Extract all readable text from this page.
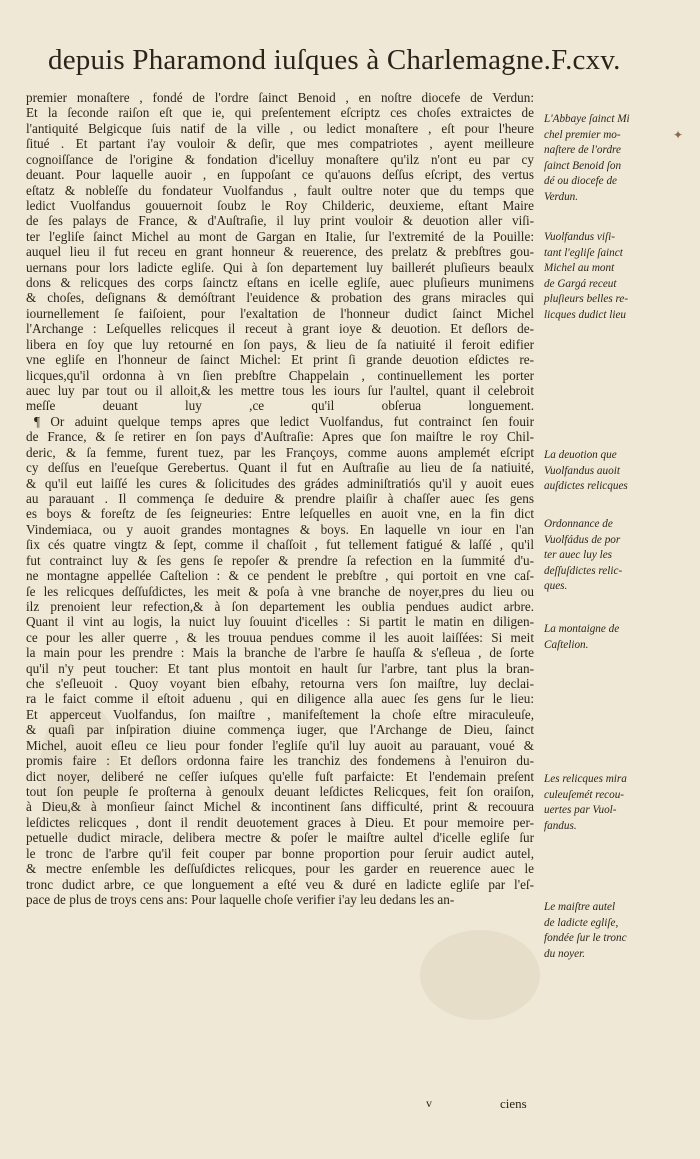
depuis Pharamond iuſques à Charlemagne.F.cxv.
premier monaſtere , fondé de l'ordre ſainct Benoid , en noſtre diocefe de Verdun:
Et la ſeconde raiſon eſt que ie, qui preſentement eſcriptz ces choſes extraictes de
l'antiquité Belgicque ſuis natif de la ville , ou ledict monaſtere , eſt pour l'heure
ſitué . Et partant i'ay vouloir & deſir, que mes compatriotes , ayent meilleure
cognoiſſance de l'origine & fondation d'icelluy monaſtere qu'ilz n'ont eu par cy
deuant. Pour laquelle auoir , en ſuppoſant ce qu'auons deſſus eſcript, des vertus
eſtatz & nobleſſe du fondateur Vuolfandus , fault oultre noter que du temps que
ledict Vuolfandus gouuernoit ſoubz le Roy Childeric, deuxieme, eſtant Maire
de ſes palays de France, & d'Auſtraſie, il luy print vouloir & deuotion aller viſi-
ter l'egliſe ſainct Michel au mont de Gargan en Italie, ſur l'extremité de la Pouille:
auquel lieu il fut receu en grant honneur & reuerence, des prelatz & prebſtres gou-
uernans pour lors ladicte egliſe. Qui à ſon departement luy baillerét pluſieurs beaulx
dons & relicques des corps ſainctz eſtans en icelle egliſe, auec pluſieurs munimens
& choſes, deſignans & demóſtrant l'euidence & probation des grans miracles qui
iournellement ſe faiſoient, pour l'exaltation de l'honneur dudict ſainct Michel
l'Archange : Leſquelles relicques il receut à grant ioye & deuotion. Et deſlors de-
libera en ſoy que luy retourné en ſon pays, & lieu de ſa natiuité il feroit edifier
vne egliſe en l'honneur de ſainct Michel: Et print ſi grande deuotion eſdictes re-
licques,qu'il ordonna à vn ſien prebſtre Chappelain , continuellement les porter
auec luy par tout ou il alloit,& les mettre tous les iours ſur l'aultel, quant il celebroit
meſſe deuant luy ,ce qu'il obſerua longuement.
¶ Or aduint quelque temps apres que ledict Vuolfandus, fut contrainct ſen fouir
de France, & ſe retirer en ſon pays d'Auſtraſie: Apres que ſon maiſtre le roy Chil-
deric, & ſa femme, furent tuez, par les Françoys, comme auons amplemét eſcript
cy deſſus en l'eueſque Gerebertus. Quant il fut en Auſtraſie au lieu de ſa natiuité,
& qu'il eut laiſſé les cures & ſolicitudes des grádes adminiſtratiós qu'il y auoit eues
au parauant . Il commença ſe deduire & prendre plaiſir à chaſſer auec ſes gens
es boys & foreſtz de ſes ſeigneuries: Entre leſquelles en auoit vne, en la fin dict
Vindemiaca, ou y auoit grandes montagnes & boys. En laquelle vn iour en l'an
ſix cés quatre vingtz & ſept, comme il chaſſoit , fut tellement fatigué & laſſé , qu'il
fut contrainct luy & ſes gens ſe repoſer & prendre ſa refection en la ſummité d'u-
ne montagne appellée Caſtelion : & ce pendent le prebſtre , qui portoit en vne caſ-
ſe les relicques deſſuſdictes, les meit & poſa à vne branche de noyer,pres du lieu ou
ilz prenoient leur refection,& à ſon departement les oublia pendues audict arbre.
Quant il vint au logis, la nuict luy ſouuint d'icelles : Si partit le matin en diligen-
ce pour les aller querre , & les trouua pendues comme il les auoit laiſſées: Si meit
la main pour les prendre : Mais la branche de l'arbre ſe hauſſa & s'eſleua , de ſorte
qu'il n'y peut toucher: Et tant plus montoit en hault ſur l'arbre, tant plus la bran-
che s'eſleuoit . Quoy voyant bien eſbahy, retourna vers ſon maiſtre, luy declai-
ra le faict comme il eſtoit aduenu , qui en diligence alla auec ſes gens ſur le lieu:
Et apperceut Vuolfandus, ſon maiſtre , manifeſtement la choſe eſtre miraculeuſe,
& quaſi par inſpiration diuine commença iuger, que l'Archange de Dieu, ſainct
Michel, auoit eſleu ce lieu pour fonder l'egliſe qu'il luy auoit au parauant, voué &
promis faire : Et deſlors ordonna faire les tranchiz des fondemens à l'enuiron du-
dict noyer, deliberé ne ceſſer iuſques qu'elle fuſt parfaicte: Et l'endemain preſent
tout ſon peuple ſe proſterna à genoulx deuant leſdictes Relicques, feit ſon oraiſon,
à Dieu,& à monſieur ſainct Michel & incontinent ſans difficulté, print & recouura
leſdictes relicques , dont il rendit deuotement graces à Dieu. Et pour memoire per-
petuelle dudict miracle, delibera mectre & poſer le maiſtre aultel d'icelle egliſe ſur
le tronc de l'arbre qu'il feit couper par bonne proportion pour ſeruir audict autel,
& mectre enſemble les deſſuſdictes relicques, pour les garder en reuerence auec le
tronc dudict arbre, ce que longuement a eſté veu & duré en ladicte egliſe par l'eſ-
pace de plus de troys cens ans: Pour laquelle choſe verifier i'ay leu dedans les an-
L'Abbaye ſainct Mi
chel premier mo-
naſtere de l'ordre
ſainct Benoid ſon
dé ou diocefe de
Verdun.
Vuolfandus viſi-
tant l'egliſe ſainct
Michel au mont
de Gargá receut
pluſieurs belles re-
licques dudict lieu
La deuotion que
Vuolfandus auoit
auſdictes relicques
Ordonnance de
Vuolfádus de por
ter auec luy les
deſſuſdictes relic-
ques.
La montaigne de
Caſtelion.
Les relicques mira
culeuſemét recou-
uertes par Vuol-
fandus.
Le maiſtre autel
de ladicte egliſe,
fondée ſur le tronc
du noyer.
✦
v	ciens
